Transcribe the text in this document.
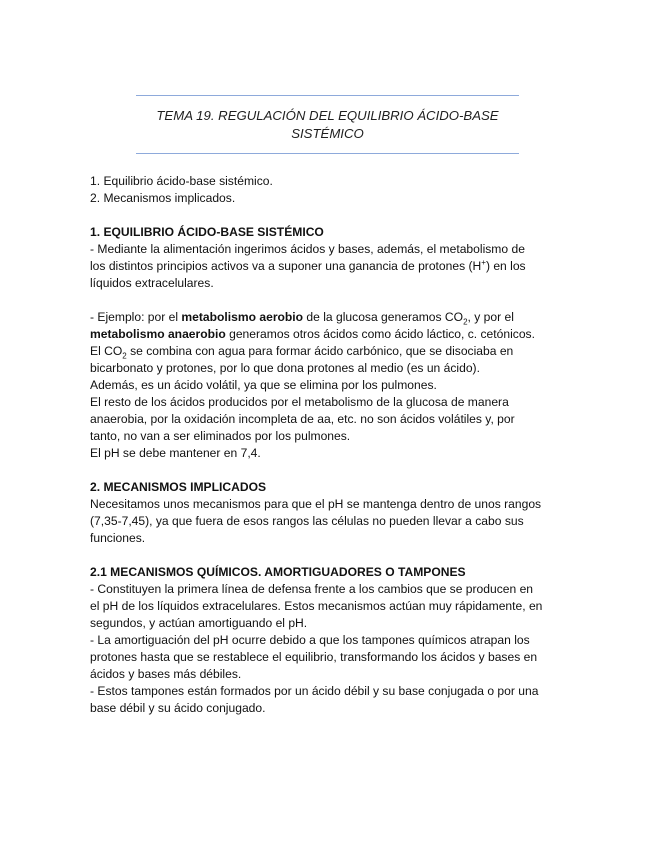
TEMA 19. REGULACIÓN DEL EQUILIBRIO ÁCIDO-BASE
SISTÉMICO
1. Equilibrio ácido-base sistémico.
2. Mecanismos implicados.
1. EQUILIBRIO ÁCIDO-BASE SISTÉMICO
- Mediante la alimentación ingerimos ácidos y bases, además, el metabolismo de
los distintos principios activos va a suponer una ganancia de protones (H+) en los
líquidos extracelulares.
- Ejemplo: por el metabolismo aerobio de la glucosa generamos $CO_2$, y por el
metabolismo anaerobio generamos otros ácidos como ácido láctico, c. cetónicos.
El $CO_2$ se combina con agua para formar ácido carbónico, que se disociaba en
bicarbonato y protones, por lo que dona protones al medio (es un ácido).
Además, es un ácido volátil, ya que se elimina por los pulmones.
El resto de los ácidos producidos por el metabolismo de la glucosa de manera
anaerobia, por la oxidación incompleta de aa, etc. no son ácidos volátiles y, por
tanto, no van a ser eliminados por los pulmones.
El pH se debe mantener en 7,4.
2. MECANISMOS IMPLICADOS
Necesitamos unos mecanismos para que el pH se mantenga dentro de unos rangos
(7,35-7,45), ya que fuera de esos rangos las células no pueden llevar a cabo sus
funciones.
2.1 MECANISMOS QUÍMICOS. AMORTIGUADORES O TAMPONES
- Constituyen la primera línea de defensa frente a los cambios que se producen en
el pH de los líquidos extracelulares. Estos mecanismos actúan muy rápidamente, en
segundos, y actúan amortiguando el pH.
- La amortiguación del pH ocurre debido a que los tampones químicos atrapan los
protones hasta que se restablece el equilibrio, transformando los ácidos y bases en
ácidos y bases más débiles.
- Estos tampones están formados por un ácido débil y su base conjugada o por una
base débil y su ácido conjugado.
